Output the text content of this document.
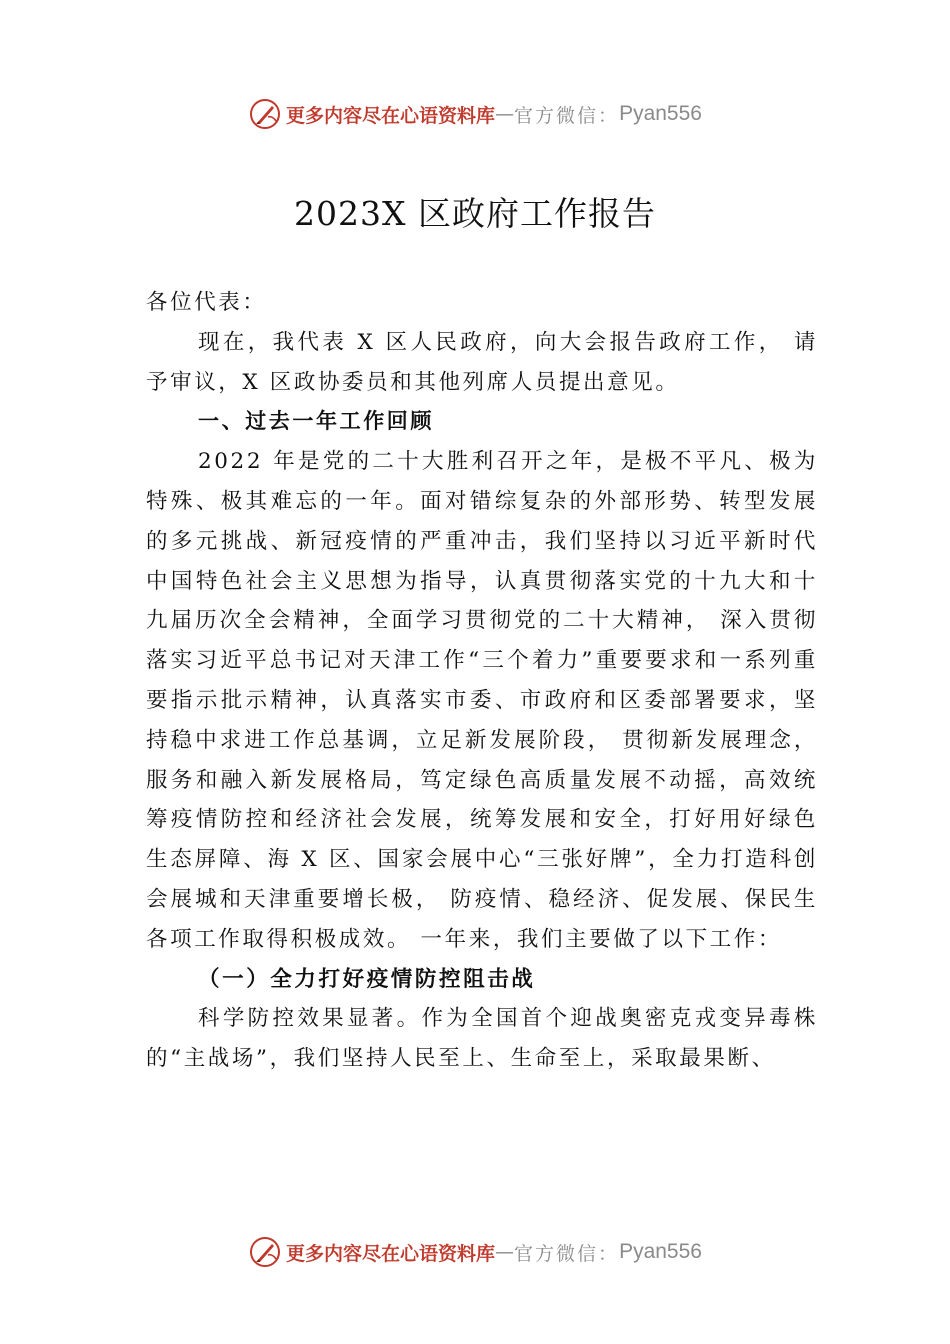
更多内容尽在心语资料库 — 官方微信： Pyan556
2023X 区政府工作报告

各位代表：

现在，我代表 X 区人民政府，向大会报告政府工作， 请予审议，X 区政协委员和其他列席人员提出意见。

一、过去一年工作回顾

2022 年是党的二十大胜利召开之年，是极不平凡、极为特殊、极其难忘的一年。面对错综复杂的外部形势、转型发展的多元挑战、新冠疫情的严重冲击，我们坚持以习近平新时代中国特色社会主义思想为指导，认真贯彻落实党的十九大和十九届历次全会精神，全面学习贯彻党的二十大精神， 深入贯彻落实习近平总书记对天津工作“三个着力”重要要求和一系列重要指示批示精神，认真落实市委、市政府和区委部署要求，坚持稳中求进工作总基调，立足新发展阶段， 贯彻新发展理念，服务和融入新发展格局，笃定绿色高质量发展不动摇，高效统筹疫情防控和经济社会发展，统筹发展和安全，打好用好绿色生态屏障、海 X 区、国家会展中心“三张好牌”，全力打造科创会展城和天津重要增长极， 防疫情、稳经济、促发展、保民生各项工作取得积极成效。 一年来，我们主要做了以下工作：

（一）全力打好疫情防控阻击战

科学防控效果显著。作为全国首个迎战奥密克戎变异毒株的“主战场”，我们坚持人民至上、生命至上，采取最果断、

更多内容尽在心语资料库 — 官方微信： Pyan556
